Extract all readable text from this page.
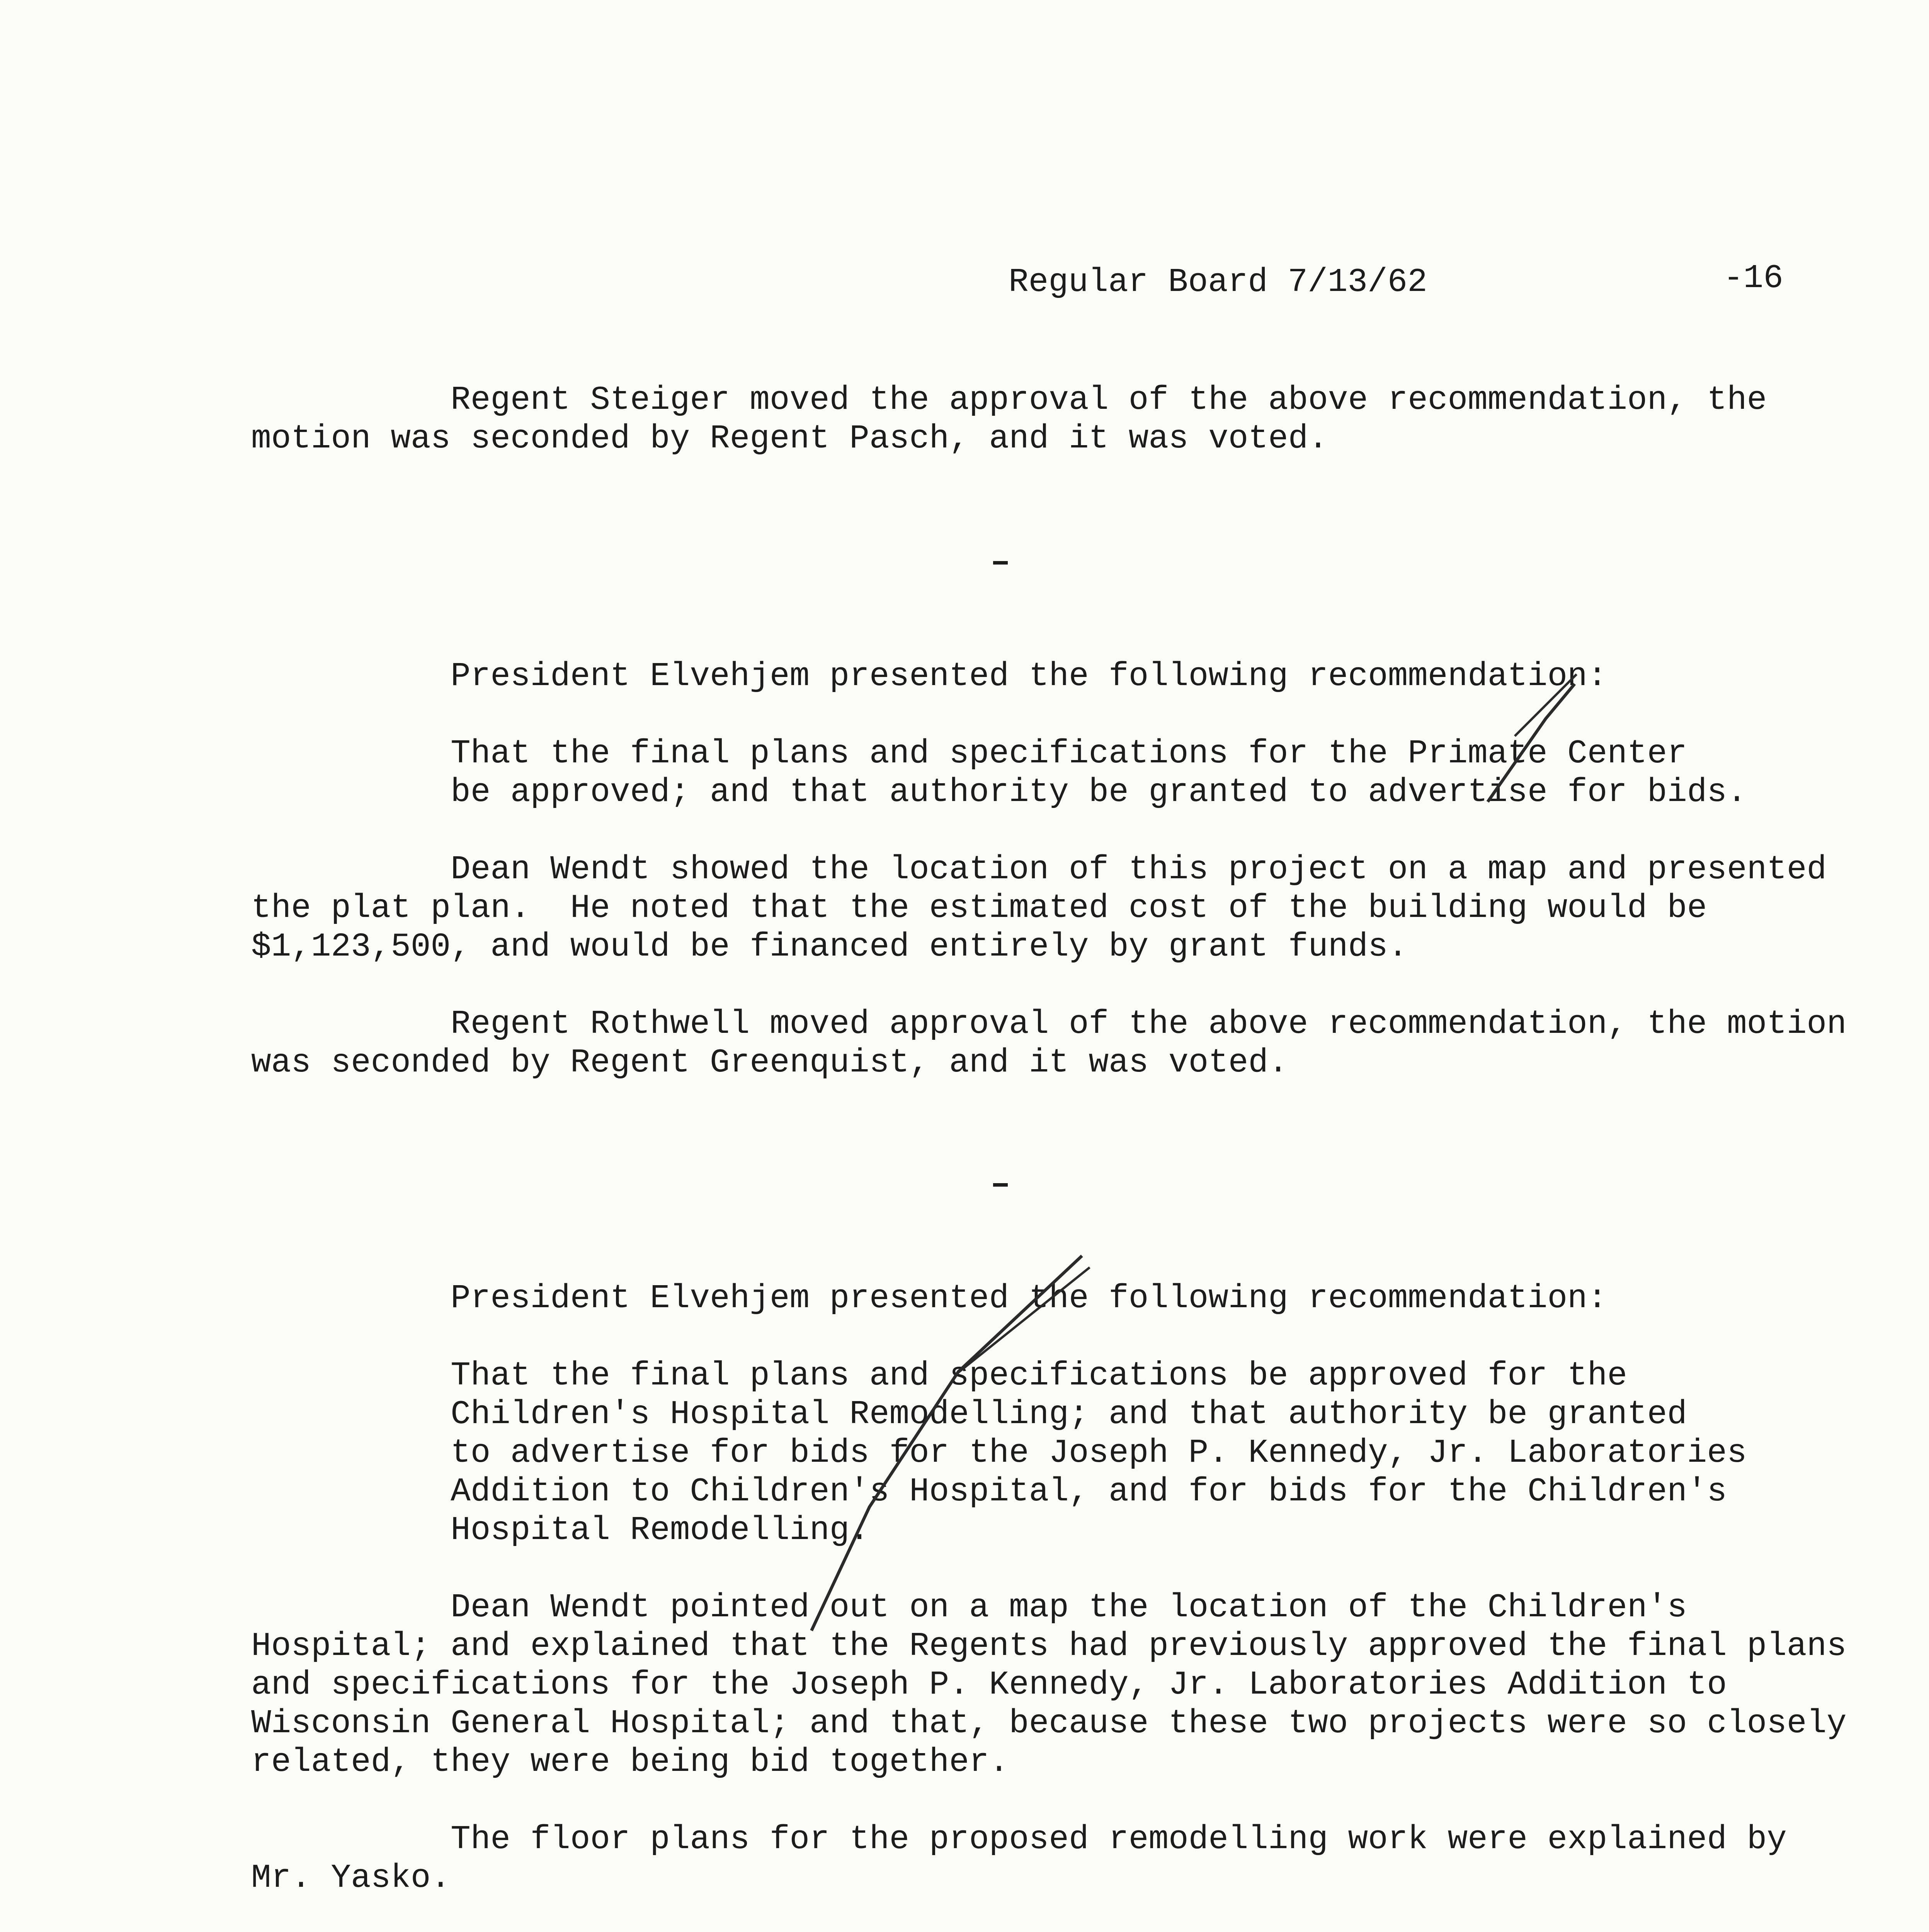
Regular Board 7/13/62	-16
Regent Steiger moved the approval of the above recommendation, the
motion was seconded by Regent Pasch, and it was voted.
President Elvehjem presented the following recommendation:
That the final plans and specifications for the Primate Center
be approved; and that authority be granted to advertise for bids.
Dean Wendt showed the location of this project on a map and presented
the plat plan.  He noted that the estimated cost of the building would be
$1,123,500, and would be financed entirely by grant funds.
Regent Rothwell moved approval of the above recommendation, the motion
was seconded by Regent Greenquist, and it was voted.
President Elvehjem presented the following recommendation:
That the final plans and specifications be approved for the
Children's Hospital Remodelling; and that authority be granted
to advertise for bids for the Joseph P. Kennedy, Jr. Laboratories
Addition to Children's Hospital, and for bids for the Children's
Hospital Remodelling.
Dean Wendt pointed out on a map the location of the Children's
Hospital; and explained that the Regents had previously approved the final plans
and specifications for the Joseph P. Kennedy, Jr. Laboratories Addition to
Wisconsin General Hospital; and that, because these two projects were so closely
related, they were being bid together.
The floor plans for the proposed remodelling work were explained by
Mr. Yasko.
